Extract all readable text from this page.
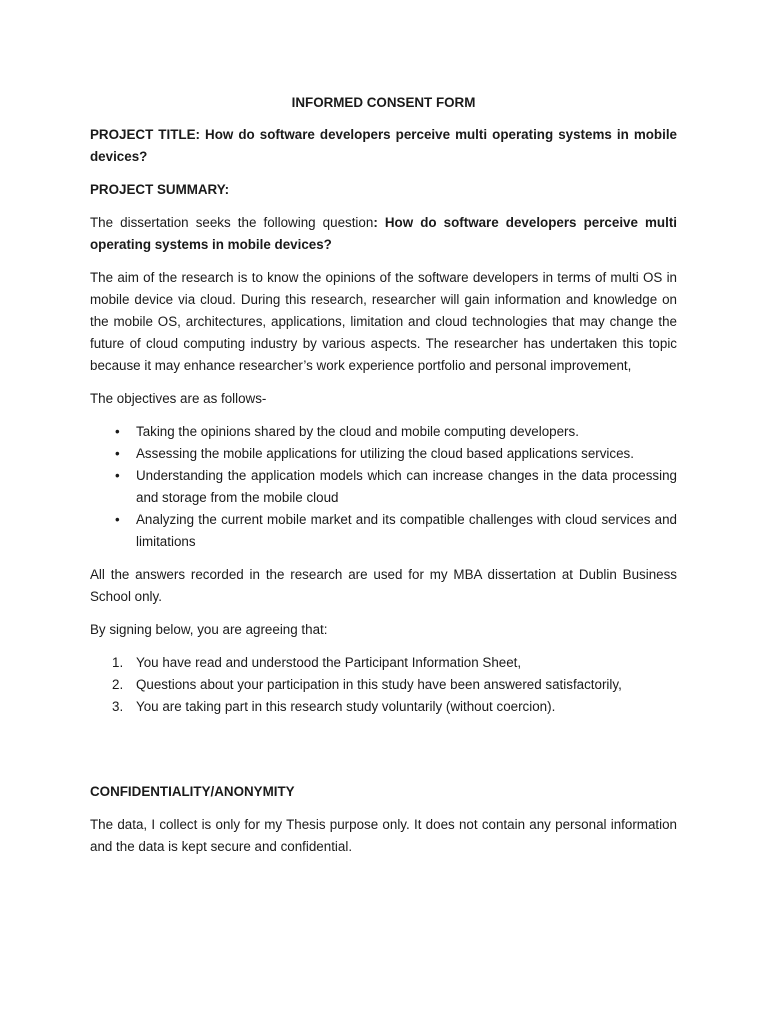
INFORMED CONSENT FORM

PROJECT TITLE: How do software developers perceive multi operating systems in mobile devices?

PROJECT SUMMARY:

The dissertation seeks the following question: How do software developers perceive multi operating systems in mobile devices?

The aim of the research is to know the opinions of the software developers in terms of multi OS in mobile device via cloud. During this research, researcher will gain information and knowledge on the mobile OS, architectures, applications, limitation and cloud technologies that may change the future of cloud computing industry by various aspects. The researcher has undertaken this topic because it may enhance researcher’s work experience portfolio and personal improvement,

The objectives are as follows-

• Taking the opinions shared by the cloud and mobile computing developers.
• Assessing the mobile applications for utilizing the cloud based applications services.
• Understanding the application models which can increase changes in the data processing and storage from the mobile cloud
• Analyzing the current mobile market and its compatible challenges with cloud services and limitations

All the answers recorded in the research are used for my MBA dissertation at Dublin Business School only.

By signing below, you are agreeing that:

1. You have read and understood the Participant Information Sheet,
2. Questions about your participation in this study have been answered satisfactorily,
3. You are taking part in this research study voluntarily (without coercion).

CONFIDENTIALITY/ANONYMITY

The data, I collect is only for my Thesis purpose only. It does not contain any personal information and the data is kept secure and confidential.
